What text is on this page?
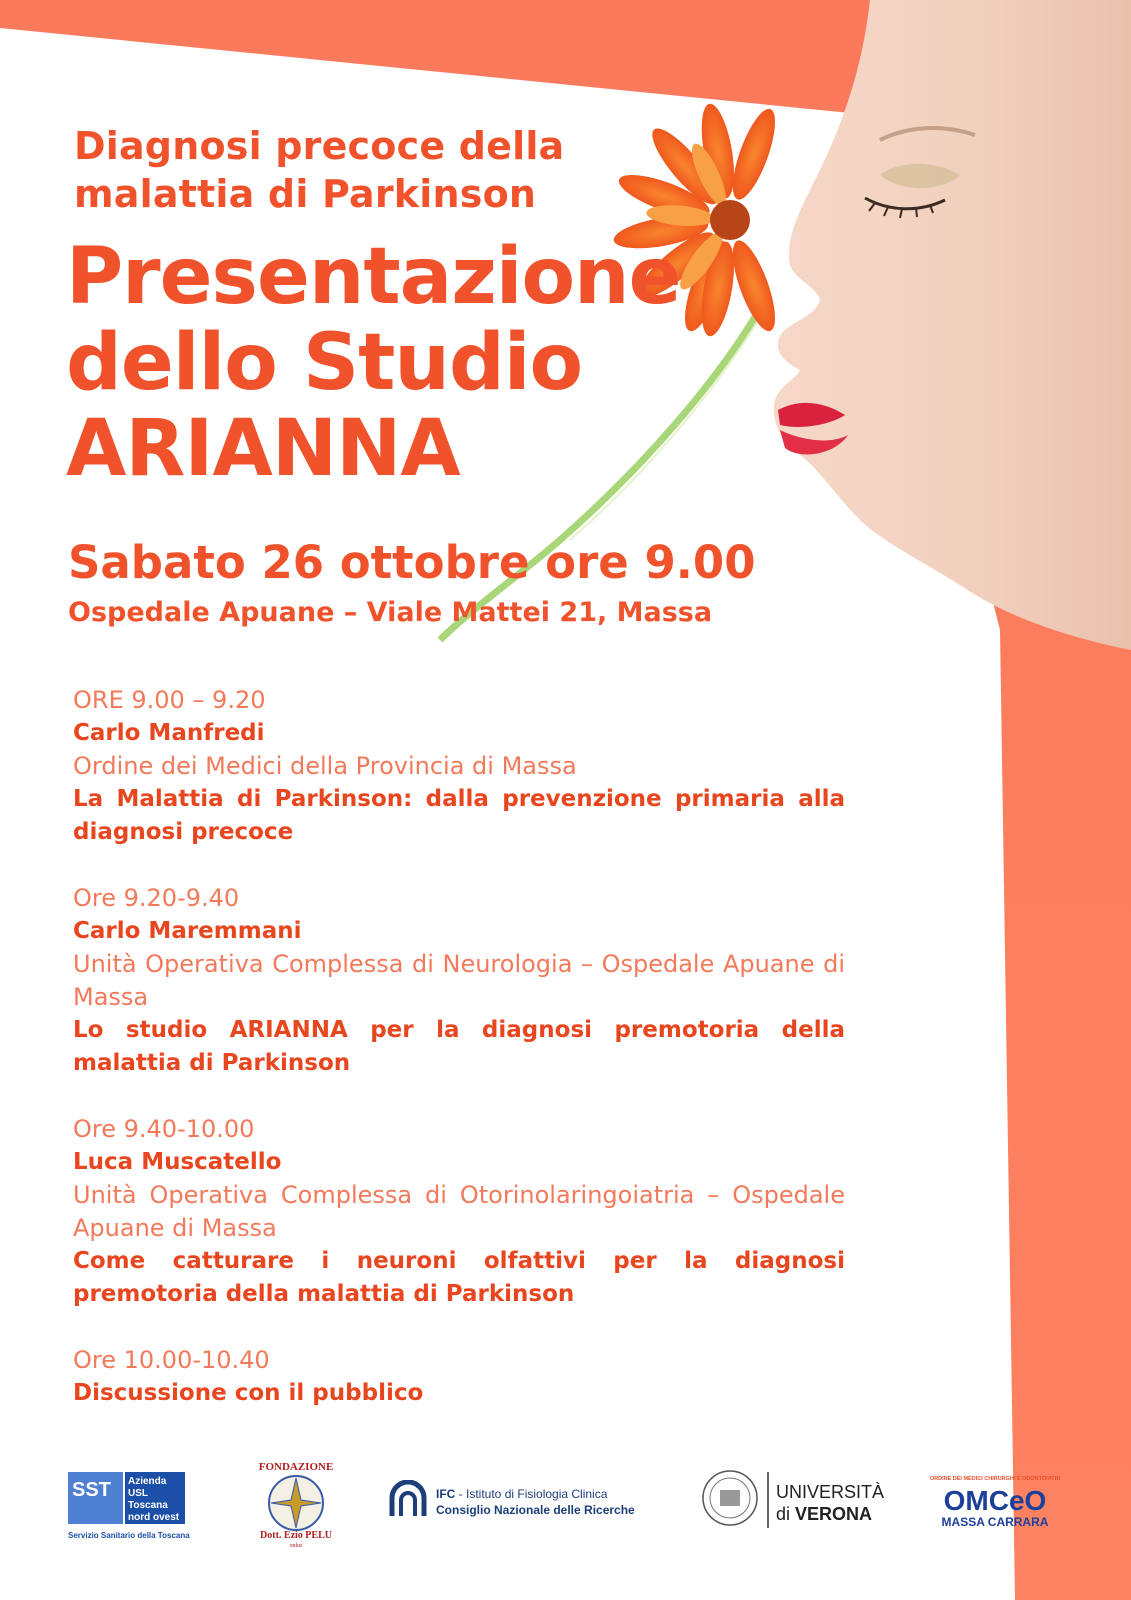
Diagnosi precoce della
malattia di Parkinson
Presentazione
dello Studio
ARIANNA
Sabato 26 ottobre ore 9.00
Ospedale Apuane – Viale Mattei 21, Massa
ORE 9.00 – 9.20
Carlo Manfredi
Ordine dei Medici della Provincia di Massa
La Malattia di Parkinson: dalla prevenzione primaria alla diagnosi precoce
Ore 9.20-9.40
Carlo Maremmani
Unità Operativa Complessa di Neurologia – Ospedale Apuane di Massa
Lo studio ARIANNA per la diagnosi premotoria della malattia di Parkinson
Ore 9.40-10.00
Luca Muscatello
Unità Operativa Complessa di Otorinolaringoiatria – Ospedale Apuane di Massa
Come catturare i neuroni olfattivi per la diagnosi premotoria della malattia di Parkinson
Ore 10.00-10.40
Discussione con il pubblico
SST Azienda
USL
Toscana
nord ovest
Servizio Sanitario della Toscana
FONDAZIONE
Dott. Ezio PELU
onlus
IFC - Istituto di Fisiologia Clinica
Consiglio Nazionale delle Ricerche
UNIVERSITÀ
di VERONA
ORDINE DEI MEDICI CHIRURGHI E ODONTOIATRI
OMCeO
MASSA CARRARA
